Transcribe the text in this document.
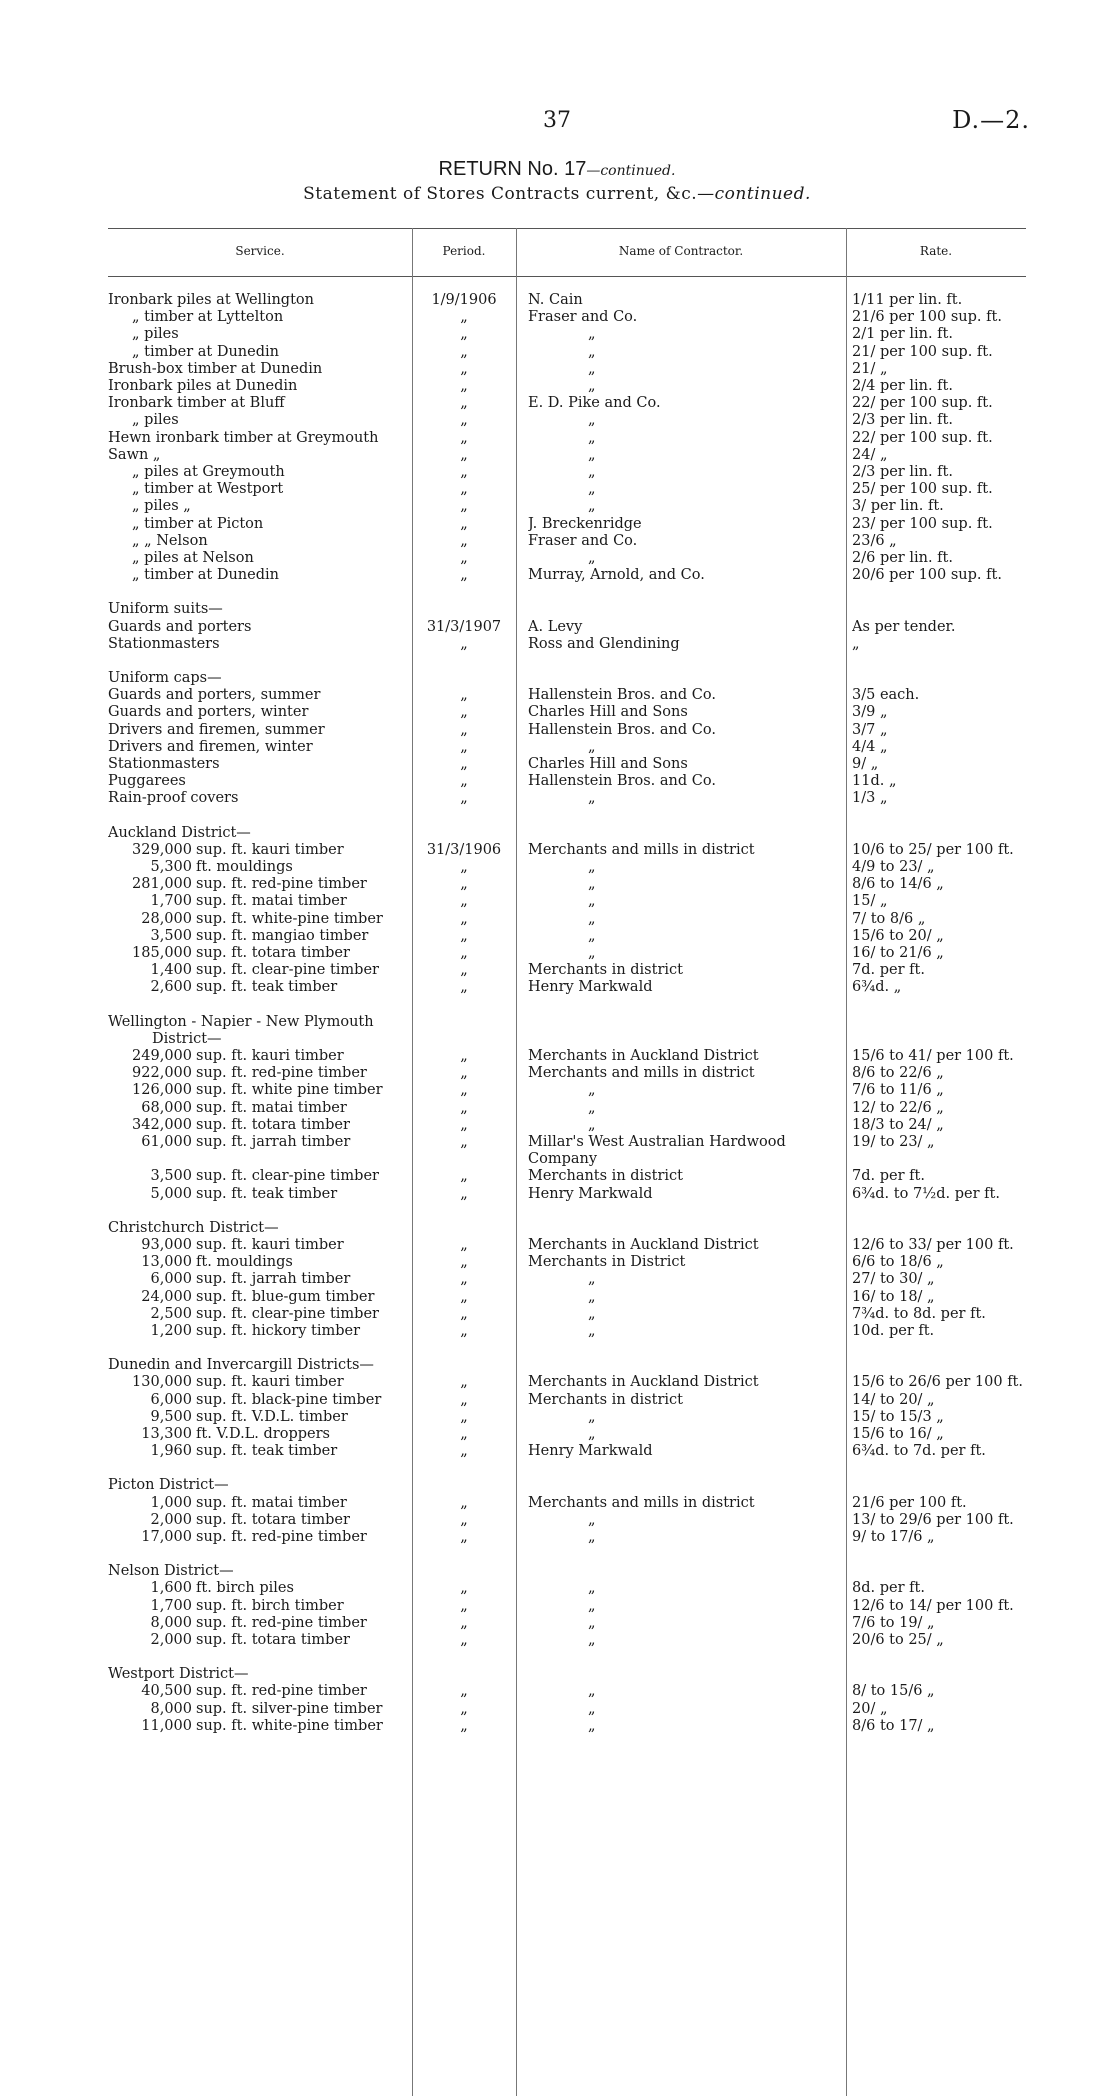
37	D.—2.
RETURN No. 17—continued.
Statement of Stores Contracts current, &c.—continued.
Service.	Period.	Name of Contractor.	Rate.
Ironbark piles at Wellington	1/9/1906	N. Cain	1/11 per lin. ft.
„ timber at Lyttelton	„	Fraser and Co.	21/6 per 100 sup. ft.
„ piles	„	„	2/1 per lin. ft.
„ timber at Dunedin	„	„	21/ per 100 sup. ft.
Brush-box timber at Dunedin	„	„	21/ „
Ironbark piles at Dunedin	„	„	2/4 per lin. ft.
Ironbark timber at Bluff	„	E. D. Pike and Co.	22/ per 100 sup. ft.
„ piles	„	„	2/3 per lin. ft.
Hewn ironbark timber at Greymouth	„	„	22/ per 100 sup. ft.
Sawn „	„	„	24/ „
„ piles at Greymouth	„	„	2/3 per lin. ft.
„ timber at Westport	„	„	25/ per 100 sup. ft.
„ piles „	„	„	3/ per lin. ft.
„ timber at Picton	„	J. Breckenridge	23/ per 100 sup. ft.
„ „ Nelson	„	Fraser and Co.	23/6 „
„ piles at Nelson	„	„	2/6 per lin. ft.
„ timber at Dunedin	„	Murray, Arnold, and Co.	20/6 per 100 sup. ft.
Uniform suits—
Guards and porters	31/3/1907	A. Levy	As per tender.
Stationmasters	„	Ross and Glendining	„
Uniform caps—
Guards and porters, summer	„	Hallenstein Bros. and Co.	3/5 each.
Guards and porters, winter	„	Charles Hill and Sons	3/9 „
Drivers and firemen, summer	„	Hallenstein Bros. and Co.	3/7 „
Drivers and firemen, winter	„	„	4/4 „
Stationmasters	„	Charles Hill and Sons	9/ „
Puggarees	„	Hallenstein Bros. and Co.	11d. „
Rain-proof covers	„	„	1/3 „
Auckland District—
329,000 sup. ft. kauri timber	31/3/1906	Merchants and mills in district	10/6 to 25/ per 100 ft.
5,300 ft. mouldings	„	„	4/9 to 23/ „
281,000 sup. ft. red-pine timber	„	„	8/6 to 14/6 „
1,700 sup. ft. matai timber	„	„	15/ „
28,000 sup. ft. white-pine timber	„	„	7/ to 8/6 „
3,500 sup. ft. mangiao timber	„	„	15/6 to 20/ „
185,000 sup. ft. totara timber	„	„	16/ to 21/6 „
1,400 sup. ft. clear-pine timber	„	Merchants in district	7d. per ft.
2,600 sup. ft. teak timber	„	Henry Markwald	6¾d. „
Wellington - Napier - New Plymouth
District—
249,000 sup. ft. kauri timber	„	Merchants in Auckland District	15/6 to 41/ per 100 ft.
922,000 sup. ft. red-pine timber	„	Merchants and mills in district	8/6 to 22/6 „
126,000 sup. ft. white pine timber	„	„	7/6 to 11/6 „
68,000 sup. ft. matai timber	„	„	12/ to 22/6 „
342,000 sup. ft. totara timber	„	„	18/3 to 24/ „
61,000 sup. ft. jarrah timber	„	Millar's West Australian Hardwood	19/ to 23/ „
Company
3,500 sup. ft. clear-pine timber	„	Merchants in district	7d. per ft.
5,000 sup. ft. teak timber	„	Henry Markwald	6¾d. to 7½d. per ft.
Christchurch District—
93,000 sup. ft. kauri timber	„	Merchants in Auckland District	12/6 to 33/ per 100 ft.
13,000 ft. mouldings	„	Merchants in District	6/6 to 18/6 „
6,000 sup. ft. jarrah timber	„	„	27/ to 30/ „
24,000 sup. ft. blue-gum timber	„	„	16/ to 18/ „
2,500 sup. ft. clear-pine timber	„	„	7¾d. to 8d. per ft.
1,200 sup. ft. hickory timber	„	„	10d. per ft.
Dunedin and Invercargill Districts—
130,000 sup. ft. kauri timber	„	Merchants in Auckland District	15/6 to 26/6 per 100 ft.
6,000 sup. ft. black-pine timber	„	Merchants in district	14/ to 20/ „
9,500 sup. ft. V.D.L. timber	„	„	15/ to 15/3 „
13,300 ft. V.D.L. droppers	„	„	15/6 to 16/ „
1,960 sup. ft. teak timber	„	Henry Markwald	6¾d. to 7d. per ft.
Picton District—
1,000 sup. ft. matai timber	„	Merchants and mills in district	21/6 per 100 ft.
2,000 sup. ft. totara timber	„	„	13/ to 29/6 per 100 ft.
17,000 sup. ft. red-pine timber	„	„	9/ to 17/6 „
Nelson District—
1,600 ft. birch piles	„	„	8d. per ft.
1,700 sup. ft. birch timber	„	„	12/6 to 14/ per 100 ft.
8,000 sup. ft. red-pine timber	„	„	7/6 to 19/ „
2,000 sup. ft. totara timber	„	„	20/6 to 25/ „
Westport District—
40,500 sup. ft. red-pine timber	„	„	8/ to 15/6 „
8,000 sup. ft. silver-pine timber	„	„	20/ „
11,000 sup. ft. white-pine timber	„	„	8/6 to 17/ „
